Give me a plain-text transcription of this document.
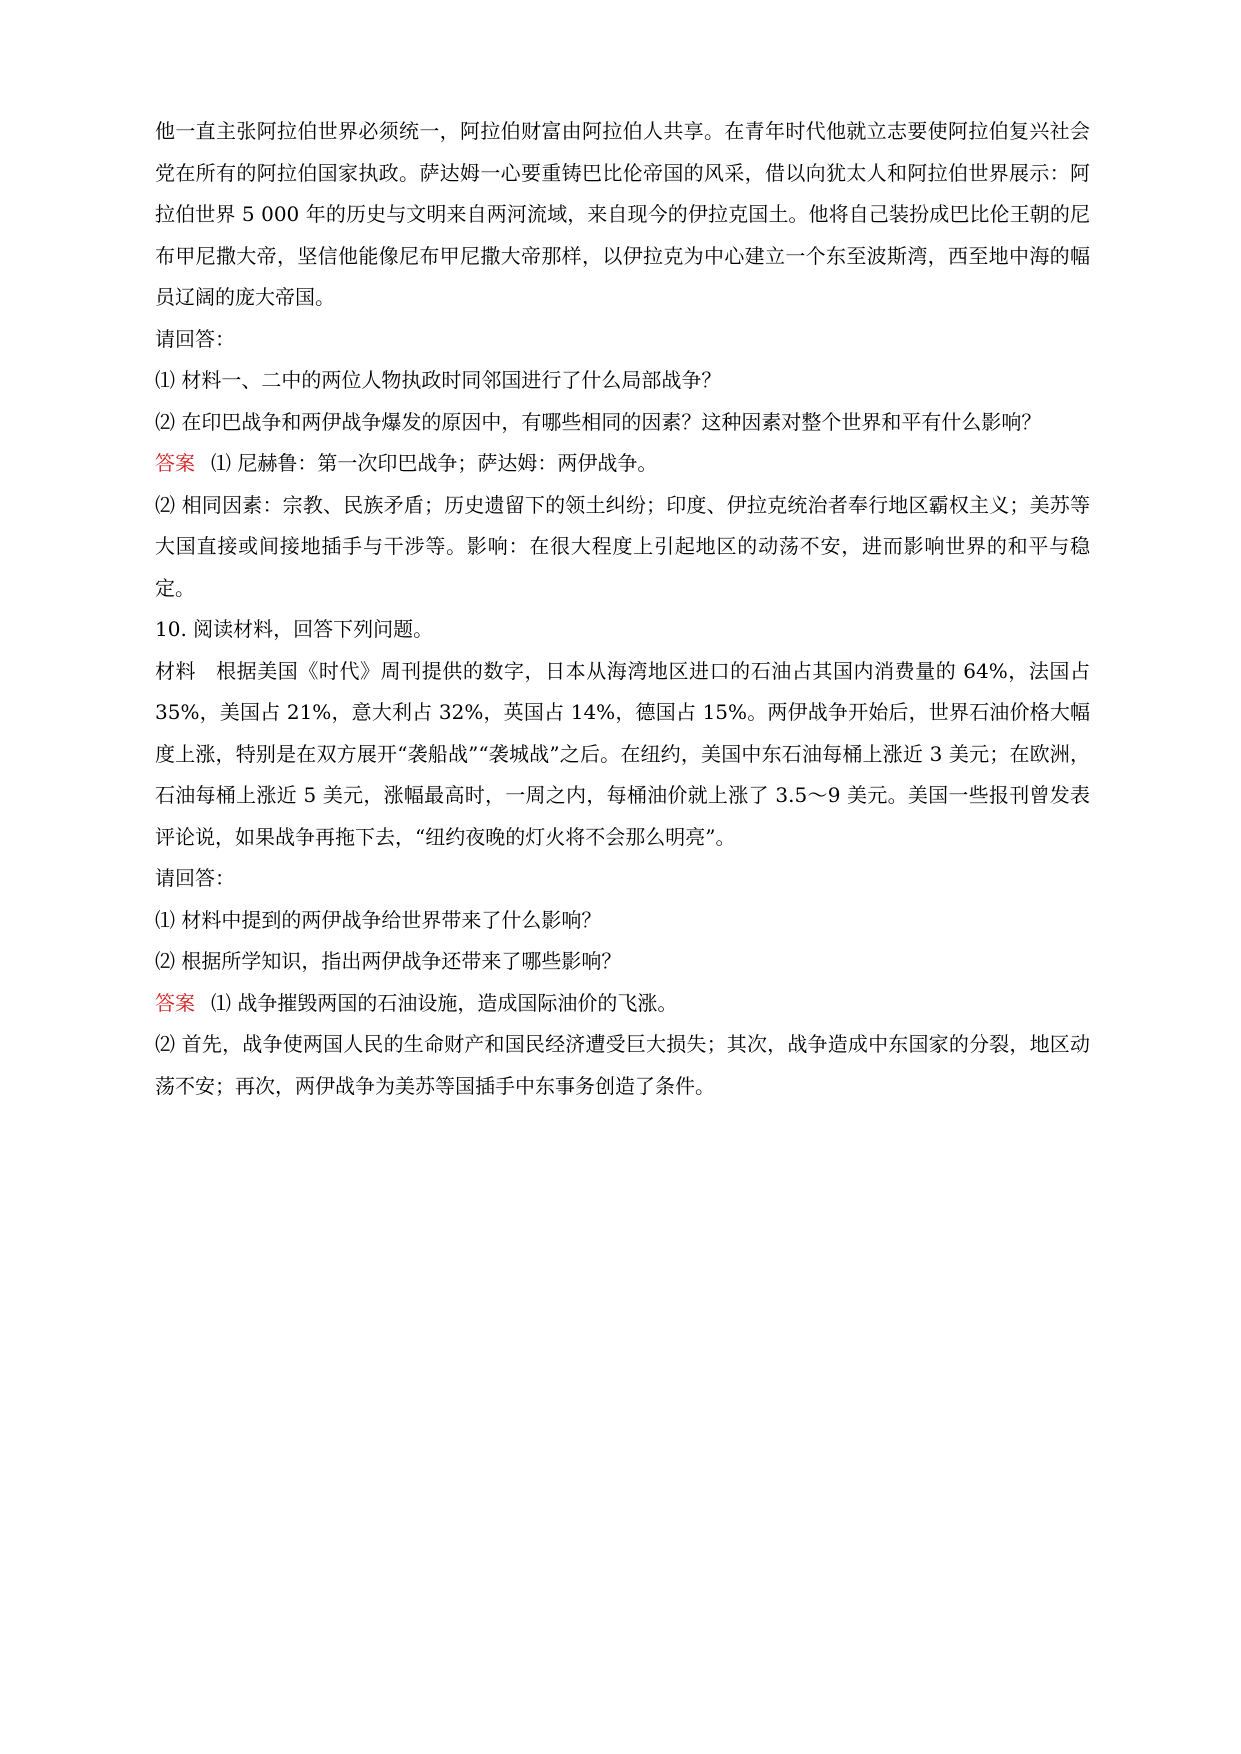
他一直主张阿拉伯世界必须统一，阿拉伯财富由阿拉伯人共享。在青年时代他就立志要使阿拉伯复兴社会党在所有的阿拉伯国家执政。萨达姆一心要重铸巴比伦帝国的风采，借以向犹太人和阿拉伯世界展示：阿拉伯世界 5 000 年的历史与文明来自两河流域，来自现今的伊拉克国土。他将自己装扮成巴比伦王朝的尼布甲尼撒大帝，坚信他能像尼布甲尼撒大帝那样，以伊拉克为中心建立一个东至波斯湾，西至地中海的幅员辽阔的庞大帝国。

请回答：

⑴ 材料一、二中的两位人物执政时同邻国进行了什么局部战争？

⑵ 在印巴战争和两伊战争爆发的原因中，有哪些相同的因素？这种因素对整个世界和平有什么影响？

答案 ⑴ 尼赫鲁：第一次印巴战争；萨达姆：两伊战争。

⑵ 相同因素：宗教、民族矛盾；历史遗留下的领土纠纷；印度、伊拉克统治者奉行地区霸权主义；美苏等大国直接或间接地插手与干涉等。影响：在很大程度上引起地区的动荡不安，进而影响世界的和平与稳定。

10. 阅读材料，回答下列问题。

材料 根据美国《时代》周刊提供的数字，日本从海湾地区进口的石油占其国内消费量的 64%，法国占 35%，美国占 21%，意大利占 32%，英国占 14%，德国占 15%。两伊战争开始后，世界石油价格大幅度上涨，特别是在双方展开“袭船战”“袭城战”之后。在纽约，美国中东石油每桶上涨近 3 美元；在欧洲，石油每桶上涨近 5 美元，涨幅最高时，一周之内，每桶油价就上涨了 3.5～9 美元。美国一些报刊曾发表评论说，如果战争再拖下去，“纽约夜晚的灯火将不会那么明亮”。

请回答：

⑴ 材料中提到的两伊战争给世界带来了什么影响？

⑵ 根据所学知识，指出两伊战争还带来了哪些影响？

答案 ⑴ 战争摧毁两国的石油设施，造成国际油价的飞涨。

⑵ 首先，战争使两国人民的生命财产和国民经济遭受巨大损失；其次，战争造成中东国家的分裂，地区动荡不安；再次，两伊战争为美苏等国插手中东事务创造了条件。
